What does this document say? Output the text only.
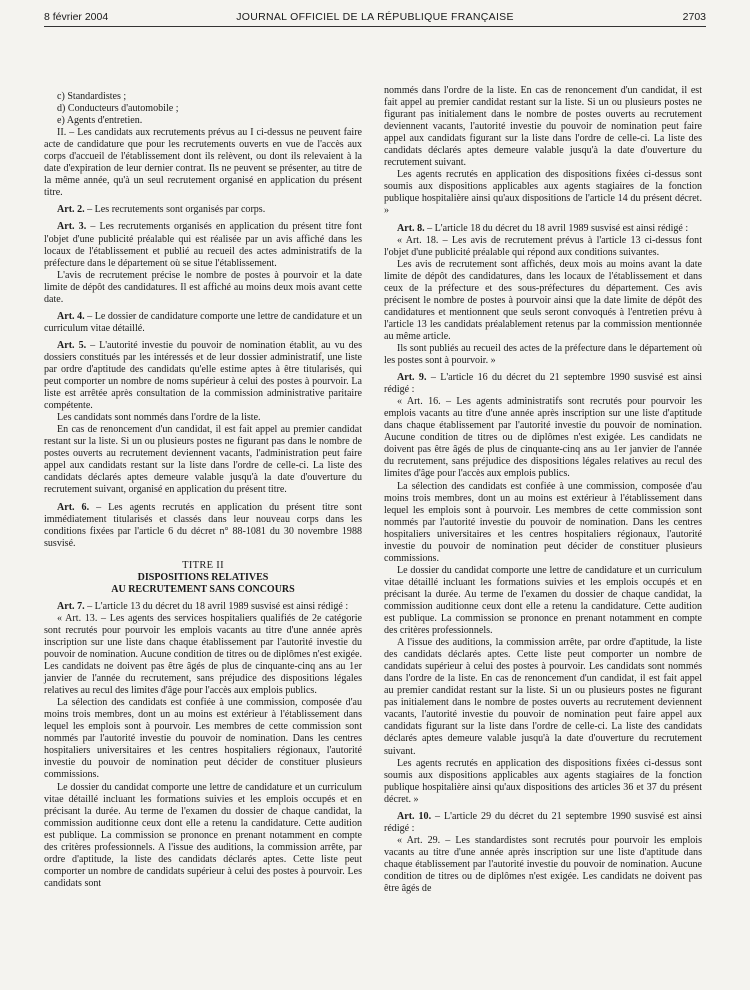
8 février 2004	JOURNAL OFFICIEL DE LA RÉPUBLIQUE FRANÇAISE	2703

c) Standardistes ;

d) Conducteurs d'automobile ;

e) Agents d'entretien.

II. – Les candidats aux recrutements prévus au I ci-dessus ne peuvent faire acte de candidature que pour les recrutements ouverts en vue de l'accès aux corps d'accueil de l'établissement dont ils relèvent, ou dont ils relevaient à la date d'expiration de leur dernier contrat. Ils ne peuvent se présenter, au titre de la même année, qu'à un seul recrutement organisé en application du présent titre.

Art. 2. – Les recrutements sont organisés par corps.

Art. 3. – Les recrutements organisés en application du présent titre font l'objet d'une publicité préalable qui est réalisée par un avis affiché dans les locaux de l'établissement et publié au recueil des actes administratifs de la préfecture dans le département où se situe l'établissement.

L'avis de recrutement précise le nombre de postes à pourvoir et la date limite de dépôt des candidatures. Il est affiché au moins deux mois avant cette date.

Art. 4. – Le dossier de candidature comporte une lettre de candidature et un curriculum vitae détaillé.

Art. 5. – L'autorité investie du pouvoir de nomination établit, au vu des dossiers constitués par les intéressés et de leur dossier administratif, une liste par ordre d'aptitude des candidats qu'elle estime aptes à être titularisés, qui peut comporter un nombre de noms supérieur à celui des postes à pourvoir. La liste est arrêtée après consultation de la commission administrative paritaire compétente.

Les candidats sont nommés dans l'ordre de la liste.

En cas de renoncement d'un candidat, il est fait appel au premier candidat restant sur la liste. Si un ou plusieurs postes ne figurant pas dans le nombre de postes ouverts au recrutement deviennent vacants, l'administration peut faire appel aux candidats restant sur la liste dans l'ordre de celle-ci. La liste des candidats déclarés aptes demeure valable jusqu'à la date d'ouverture du recrutement suivant, organisé en application du présent titre.

Art. 6. – Les agents recrutés en application du présent titre sont immédiatement titularisés et classés dans leur nouveau corps dans les conditions fixées par l'article 6 du décret n° 88-1081 du 30 novembre 1988 susvisé.

TITRE II

DISPOSITIONS RELATIVES

AU RECRUTEMENT SANS CONCOURS

Art. 7. – L'article 13 du décret du 18 avril 1989 susvisé est ainsi rédigé :

« Art. 13. – Les agents des services hospitaliers qualifiés de 2e catégorie sont recrutés pour pourvoir les emplois vacants au titre d'une année après inscription sur une liste dans chaque établissement par l'autorité investie du pouvoir de nomination. Aucune condition de titres ou de diplômes n'est exigée. Les candidats ne doivent pas être âgés de plus de cinquante-cinq ans au 1er janvier de l'année du recrutement, sans préjudice des dispositions légales relatives au recul des limites d'âge pour l'accès aux emplois publics.

La sélection des candidats est confiée à une commission, composée d'au moins trois membres, dont un au moins est extérieur à l'établissement dans lequel les emplois sont à pourvoir. Les membres de cette commission sont nommés par l'autorité investie du pouvoir de nomination. Dans les centres hospitaliers universitaires et les centres hospitaliers régionaux, l'autorité investie du pouvoir de nomination peut décider de constituer plusieurs commissions.

Le dossier du candidat comporte une lettre de candidature et un curriculum vitae détaillé incluant les formations suivies et les emplois occupés et en précisant la durée. Au terme de l'examen du dossier de chaque candidat, la commission auditionne ceux dont elle a retenu la candidature. Cette audition est publique. La commission se prononce en prenant notamment en compte des critères professionnels. A l'issue des auditions, la commission arrête, par ordre d'aptitude, la liste des candidats déclarés aptes. Cette liste peut comporter un nombre de candidats supérieur à celui des postes à pourvoir. Les candidats sont

nommés dans l'ordre de la liste. En cas de renoncement d'un candidat, il est fait appel au premier candidat restant sur la liste. Si un ou plusieurs postes ne figurant pas initialement dans le nombre de postes ouverts au recrutement deviennent vacants, l'autorité investie du pouvoir de nomination peut faire appel aux candidats figurant sur la liste dans l'ordre de celle-ci. La liste des candidats déclarés aptes demeure valable jusqu'à la date d'ouverture du recrutement suivant.

Les agents recrutés en application des dispositions fixées ci-dessus sont soumis aux dispositions applicables aux agents stagiaires de la fonction publique hospitalière ainsi qu'aux dispositions de l'article 14 du présent décret. »

Art. 8. – L'article 18 du décret du 18 avril 1989 susvisé est ainsi rédigé :

« Art. 18. – Les avis de recrutement prévus à l'article 13 ci-dessus font l'objet d'une publicité préalable qui répond aux conditions suivantes.

Les avis de recrutement sont affichés, deux mois au moins avant la date limite de dépôt des candidatures, dans les locaux de l'établissement et dans ceux de la préfecture et des sous-préfectures du département. Ces avis précisent le nombre de postes à pourvoir ainsi que la date limite de dépôt des candidatures et mentionnent que seuls seront convoqués à l'entretien prévu à l'article 13 les candidats préalablement retenus par la commission mentionnée au même article.

Ils sont publiés au recueil des actes de la préfecture dans le département où les postes sont à pourvoir. »

Art. 9. – L'article 16 du décret du 21 septembre 1990 susvisé est ainsi rédigé :

« Art. 16. – Les agents administratifs sont recrutés pour pourvoir les emplois vacants au titre d'une année après inscription sur une liste d'aptitude dans chaque établissement par l'autorité investie du pouvoir de nomination. Aucune condition de titres ou de diplômes n'est exigée. Les candidats ne doivent pas être âgés de plus de cinquante-cinq ans au 1er janvier de l'année du recrutement, sans préjudice des dispositions légales relatives au recul des limites d'âge pour l'accès aux emplois publics.

La sélection des candidats est confiée à une commission, composée d'au moins trois membres, dont un au moins est extérieur à l'établissement dans lequel les emplois sont à pourvoir. Les membres de cette commission sont nommés par l'autorité investie du pouvoir de nomination. Dans les centres hospitaliers universitaires et les centres hospitaliers régionaux, l'autorité investie du pouvoir de nomination peut décider de constituer plusieurs commissions.

Le dossier du candidat comporte une lettre de candidature et un curriculum vitae détaillé incluant les formations suivies et les emplois occupés et en précisant la durée. Au terme de l'examen du dossier de chaque candidat, la commission auditionne ceux dont elle a retenu la candidature. Cette audition est publique. La commission se prononce en prenant notamment en compte des critères professionnels.

A l'issue des auditions, la commission arrête, par ordre d'aptitude, la liste des candidats déclarés aptes. Cette liste peut comporter un nombre de candidats supérieur à celui des postes à pourvoir. Les candidats sont nommés dans l'ordre de la liste. En cas de renoncement d'un candidat, il est fait appel au premier candidat restant sur la liste. Si un ou plusieurs postes ne figurant pas initialement dans le nombre de postes ouverts au recrutement deviennent vacants, l'autorité investie du pouvoir de nomination peut faire appel aux candidats figurant sur la liste dans l'ordre de celle-ci. La liste des candidats déclarés aptes demeure valable jusqu'à la date d'ouverture du recrutement suivant.

Les agents recrutés en application des dispositions fixées ci-dessus sont soumis aux dispositions applicables aux agents stagiaires de la fonction publique hospitalière ainsi qu'aux dispositions des articles 36 et 37 du présent décret. »

Art. 10. – L'article 29 du décret du 21 septembre 1990 susvisé est ainsi rédigé :

« Art. 29. – Les standardistes sont recrutés pour pourvoir les emplois vacants au titre d'une année après inscription sur une liste d'aptitude dans chaque établissement par l'autorité investie du pouvoir de nomination. Aucune condition de titres ou de diplômes n'est exigée. Les candidats ne doivent pas être âgés de
